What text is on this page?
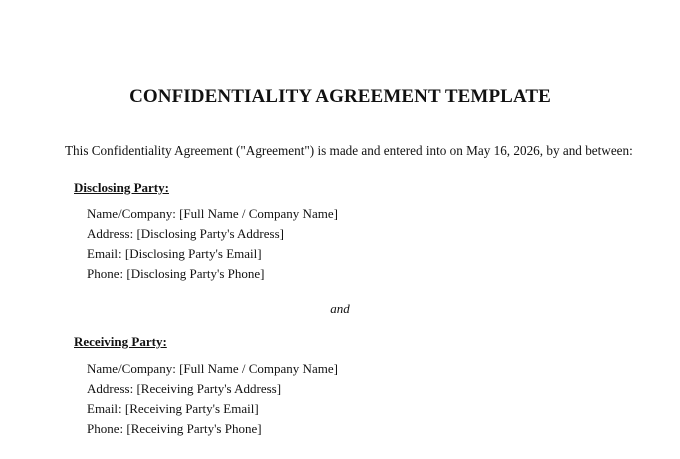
CONFIDENTIALITY AGREEMENT TEMPLATE
This Confidentiality Agreement ("Agreement") is made and entered into on May 16, 2026, by and between:
Disclosing Party:
Name/Company: [Full Name / Company Name]
Address: [Disclosing Party's Address]
Email: [Disclosing Party's Email]
Phone: [Disclosing Party's Phone]
and
Receiving Party:
Name/Company: [Full Name / Company Name]
Address: [Receiving Party's Address]
Email: [Receiving Party's Email]
Phone: [Receiving Party's Phone]
